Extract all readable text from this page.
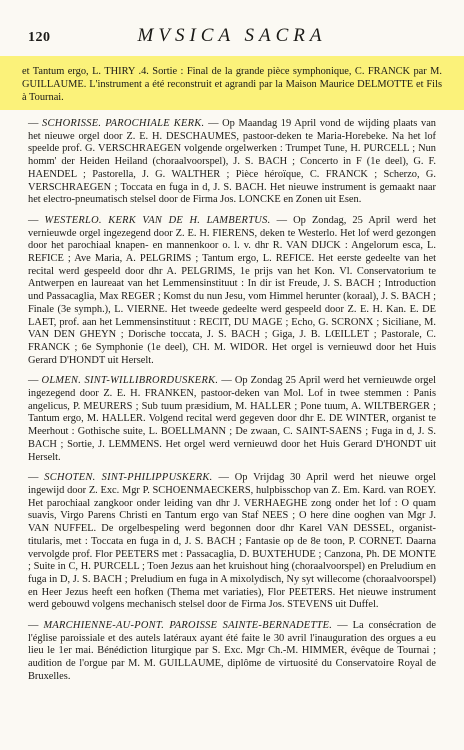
120	MVSICA SACRA
et Tantum ergo, L. THIRY .4. Sortie : Final de la grande pièce symphonique, C. FRANCK par M. GUILLAUME. L'instrument a été reconstruit et agrandi par la Maison Maurice DELMOTTE et Fils à Tournai.

— SCHORISSE. PAROCHIALE KERK. — Op Maandag 19 April vond de wijding plaats van het nieuwe orgel door Z. E. H. DESCHAUMES, pastoor-deken te Maria-Horebeke. Na het lof speelde prof. G. VERSCHRAEGEN volgende orgelwerken : Trumpet Tune, H. PURCELL ; Nun homm' der Heiden Heiland (choraalvoorspel), J. S. BACH ; Concerto in F (1e deel), G. F. HAENDEL ; Pastorella, J. G. WALTHER ; Pièce héroïque, C. FRANCK ; Scherzo, G. VERSCHRAEGEN ; Toccata en fuga in d, J. S. BACH. Het nieuwe instrument is gemaakt naar het electro-pneumatisch stelsel door de Firma Jos. LONCKE en Zonen uit Esen.

— WESTERLO. KERK VAN DE H. LAMBERTUS. — Op Zondag, 25 April werd het vernieuwde orgel ingezegend door Z. E. H. FIERENS, deken te Westerlo. Het lof werd gezongen door het parochiaal knapen- en mannenkoor o. l. v. dhr R. VAN DIJCK : Angelorum esca, L. REFICE ; Ave Maria, A. PELGRIMS ; Tantum ergo, L. REFICE. Het eerste gedeelte van het recital werd gespeeld door dhr A. PELGRIMS, 1e prijs van het Kon. Vl. Conservatorium te Antwerpen en laureaat van het Lemmensinstituut : In dir ist Freude, J. S. BACH ; Introduction und Passacaglia, Max REGER ; Komst du nun Jesu, vom Himmel herunter (koraal), J. S. BACH ; Finale (3e symph.), L. VIERNE. Het tweede gedeelte werd gespeeld door Z. E. H. Kan. E. DE LAET, prof. aan het Lemmensinstituut : RECIT, DU MAGE ; Echo, G. SCRONX ; Siciliane, M. VAN DEN GHEYN ; Dorische toccata, J. S. BACH ; Giga, J. B. LŒILLET ; Pastorale, C. FRANCK ; 6e Symphonie (1e deel), CH. M. WIDOR. Het orgel is vernieuwd door het Huis Gerard D'HONDT uit Herselt.

— OLMEN. SINT-WILLIBRORDUSKERK. — Op Zondag 25 April werd het vernieuwde orgel ingezegend door Z. E. H. FRANKEN, pastoor-deken van Mol. Lof in twee stemmen : Panis angelicus, P. MEURERS ; Sub tuum præsidium, M. HALLER ; Pone tuum, A. WILTBERGER ; Tantum ergo, M. HALLER. Volgend recital werd gegeven door dhr E. DE WINTER, organist te Meerhout : Gothische suite, L. BOELLMANN ; De zwaan, C. SAINT-SAENS ; Fuga in d, J. S. BACH ; Sortie, J. LEMMENS. Het orgel werd vernieuwd door het Huis Gerard D'HONDT uit Herselt.

— SCHOTEN. SINT-PHILIPPUSKERK. — Op Vrijdag 30 April werd het nieuwe orgel ingewijd door Z. Exc. Mgr P. SCHOENMAECKERS, hulpbisschop van Z. Em. Kard. van ROEY. Het parochiaal zangkoor onder leiding van dhr J. VERHAEGHE zong onder het lof : O quam suavis, Virgo Parens Christi en Tantum ergo van Staf NEES ; O here dine ooghen van Mgr J. VAN NUFFEL. De orgelbespeling werd begonnen door dhr Karel VAN DESSEL, organist-titularis, met : Toccata en fuga in d, J. S. BACH ; Fantasie op de 8e toon, P. CORNET. Daarna vervolgde prof. Flor PEETERS met : Passacaglia, D. BUXTEHUDE ; Canzona, Ph. DE MONTE ; Suite in C, H. PURCELL ; Toen Jezus aan het kruishout hing (choraalvoorspel) en Preludium en fuga in D, J. S. BACH ; Preludium en fuga in A mixolydisch, Ny syt willecome (choraalvoorspel) en Heer Jezus heeft een hofken (Thema met variaties), Flor PEETERS. Het nieuwe instrument werd gebouwd volgens mechanisch stelsel door de Firma Jos. STEVENS uit Duffel.

— MARCHIENNE-AU-PONT. PAROISSE SAINTE-BERNADETTE. — La consécration de l'église paroissiale et des autels latéraux ayant été faite le 30 avril l'inauguration des orgues a eu lieu le 1er mai. Bénédiction liturgique par S. Exc. Mgr Ch.-M. HIMMER, évêque de Tournai ; audition de l'orgue par M. M. GUILLAUME, diplôme de virtuosité du Conservatoire Royal de Bruxelles.
